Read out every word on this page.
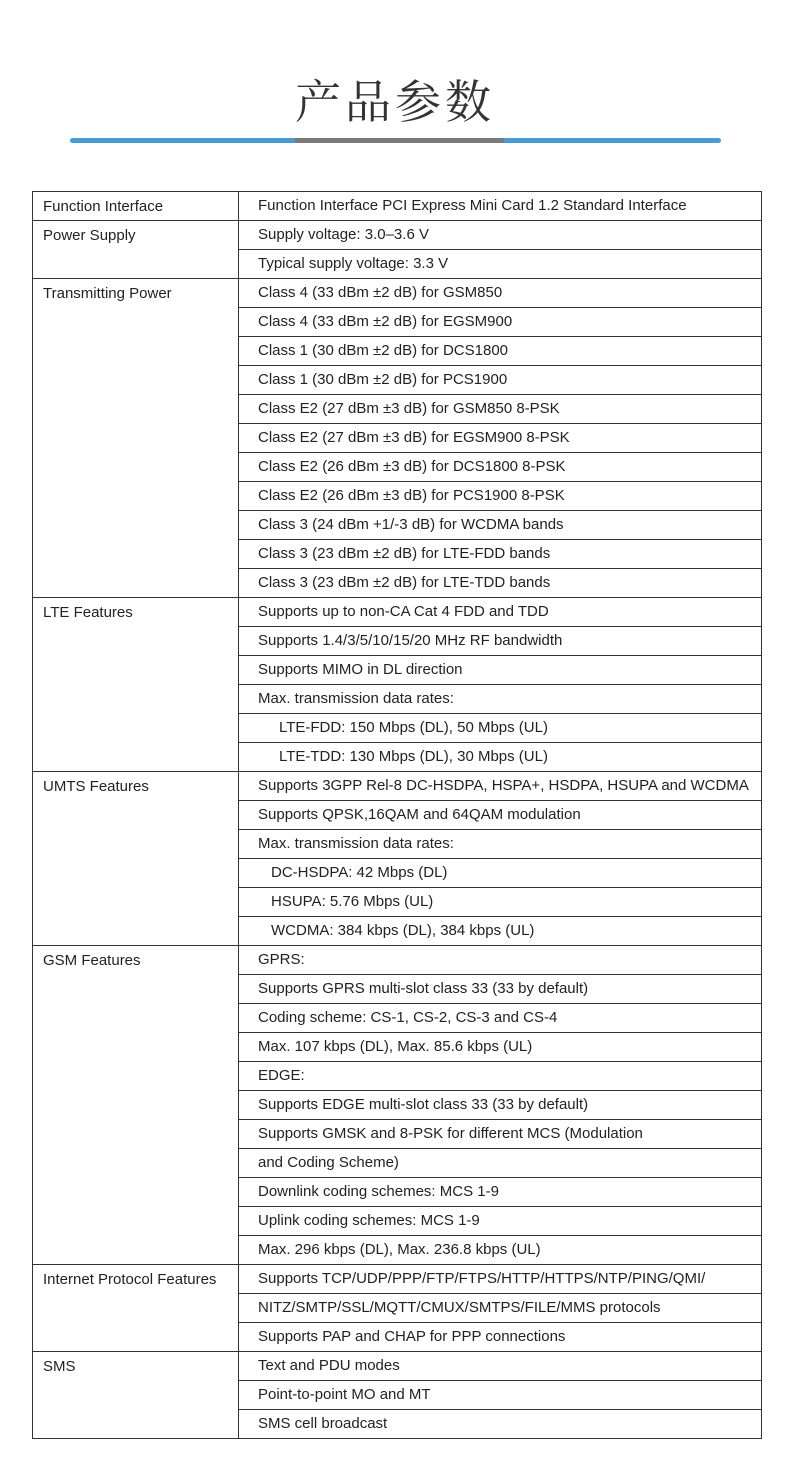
产品参数
Function Interface	Function Interface PCI Express Mini Card 1.2 Standard Interface
Power Supply	Supply voltage: 3.0–3.6 V
	Typical supply voltage: 3.3 V
Transmitting Power	Class 4 (33 dBm ±2 dB) for GSM850
	Class 4 (33 dBm ±2 dB) for EGSM900
	Class 1 (30 dBm ±2 dB) for DCS1800
	Class 1 (30 dBm ±2 dB) for PCS1900
	Class E2 (27 dBm ±3 dB) for GSM850 8-PSK
	Class E2 (27 dBm ±3 dB) for EGSM900 8-PSK
	Class E2 (26 dBm ±3 dB) for DCS1800 8-PSK
	Class E2 (26 dBm ±3 dB) for PCS1900 8-PSK
	Class 3 (24 dBm +1/-3 dB) for WCDMA bands
	Class 3 (23 dBm ±2 dB) for LTE-FDD bands
	Class 3 (23 dBm ±2 dB) for LTE-TDD bands
LTE Features	Supports up to non-CA Cat 4 FDD and TDD
	Supports 1.4/3/5/10/15/20 MHz RF bandwidth
	Supports MIMO in DL direction
	Max. transmission data rates:
	LTE-FDD: 150 Mbps (DL), 50 Mbps (UL)
	LTE-TDD: 130 Mbps (DL), 30 Mbps (UL)
UMTS Features	Supports 3GPP Rel-8 DC-HSDPA, HSPA+, HSDPA, HSUPA and WCDMA
	Supports QPSK,16QAM and 64QAM modulation
	Max. transmission data rates:
	DC-HSDPA: 42 Mbps (DL)
	HSUPA: 5.76 Mbps (UL)
	WCDMA: 384 kbps (DL), 384 kbps (UL)
GSM Features	GPRS:
	Supports GPRS multi-slot class 33 (33 by default)
	Coding scheme: CS-1, CS-2, CS-3 and CS-4
	Max. 107 kbps (DL), Max. 85.6 kbps (UL)
	EDGE:
	Supports EDGE multi-slot class 33 (33 by default)
	Supports GMSK and 8-PSK for different MCS (Modulation
	and Coding Scheme)
	Downlink coding schemes: MCS 1-9
	Uplink coding schemes: MCS 1-9
	Max. 296 kbps (DL), Max. 236.8 kbps (UL)
Internet Protocol Features	Supports TCP/UDP/PPP/FTP/FTPS/HTTP/HTTPS/NTP/PING/QMI/
	NITZ/SMTP/SSL/MQTT/CMUX/SMTPS/FILE/MMS protocols
	Supports PAP and CHAP for PPP connections
SMS	Text and PDU modes
	Point-to-point MO and MT
	SMS cell broadcast
